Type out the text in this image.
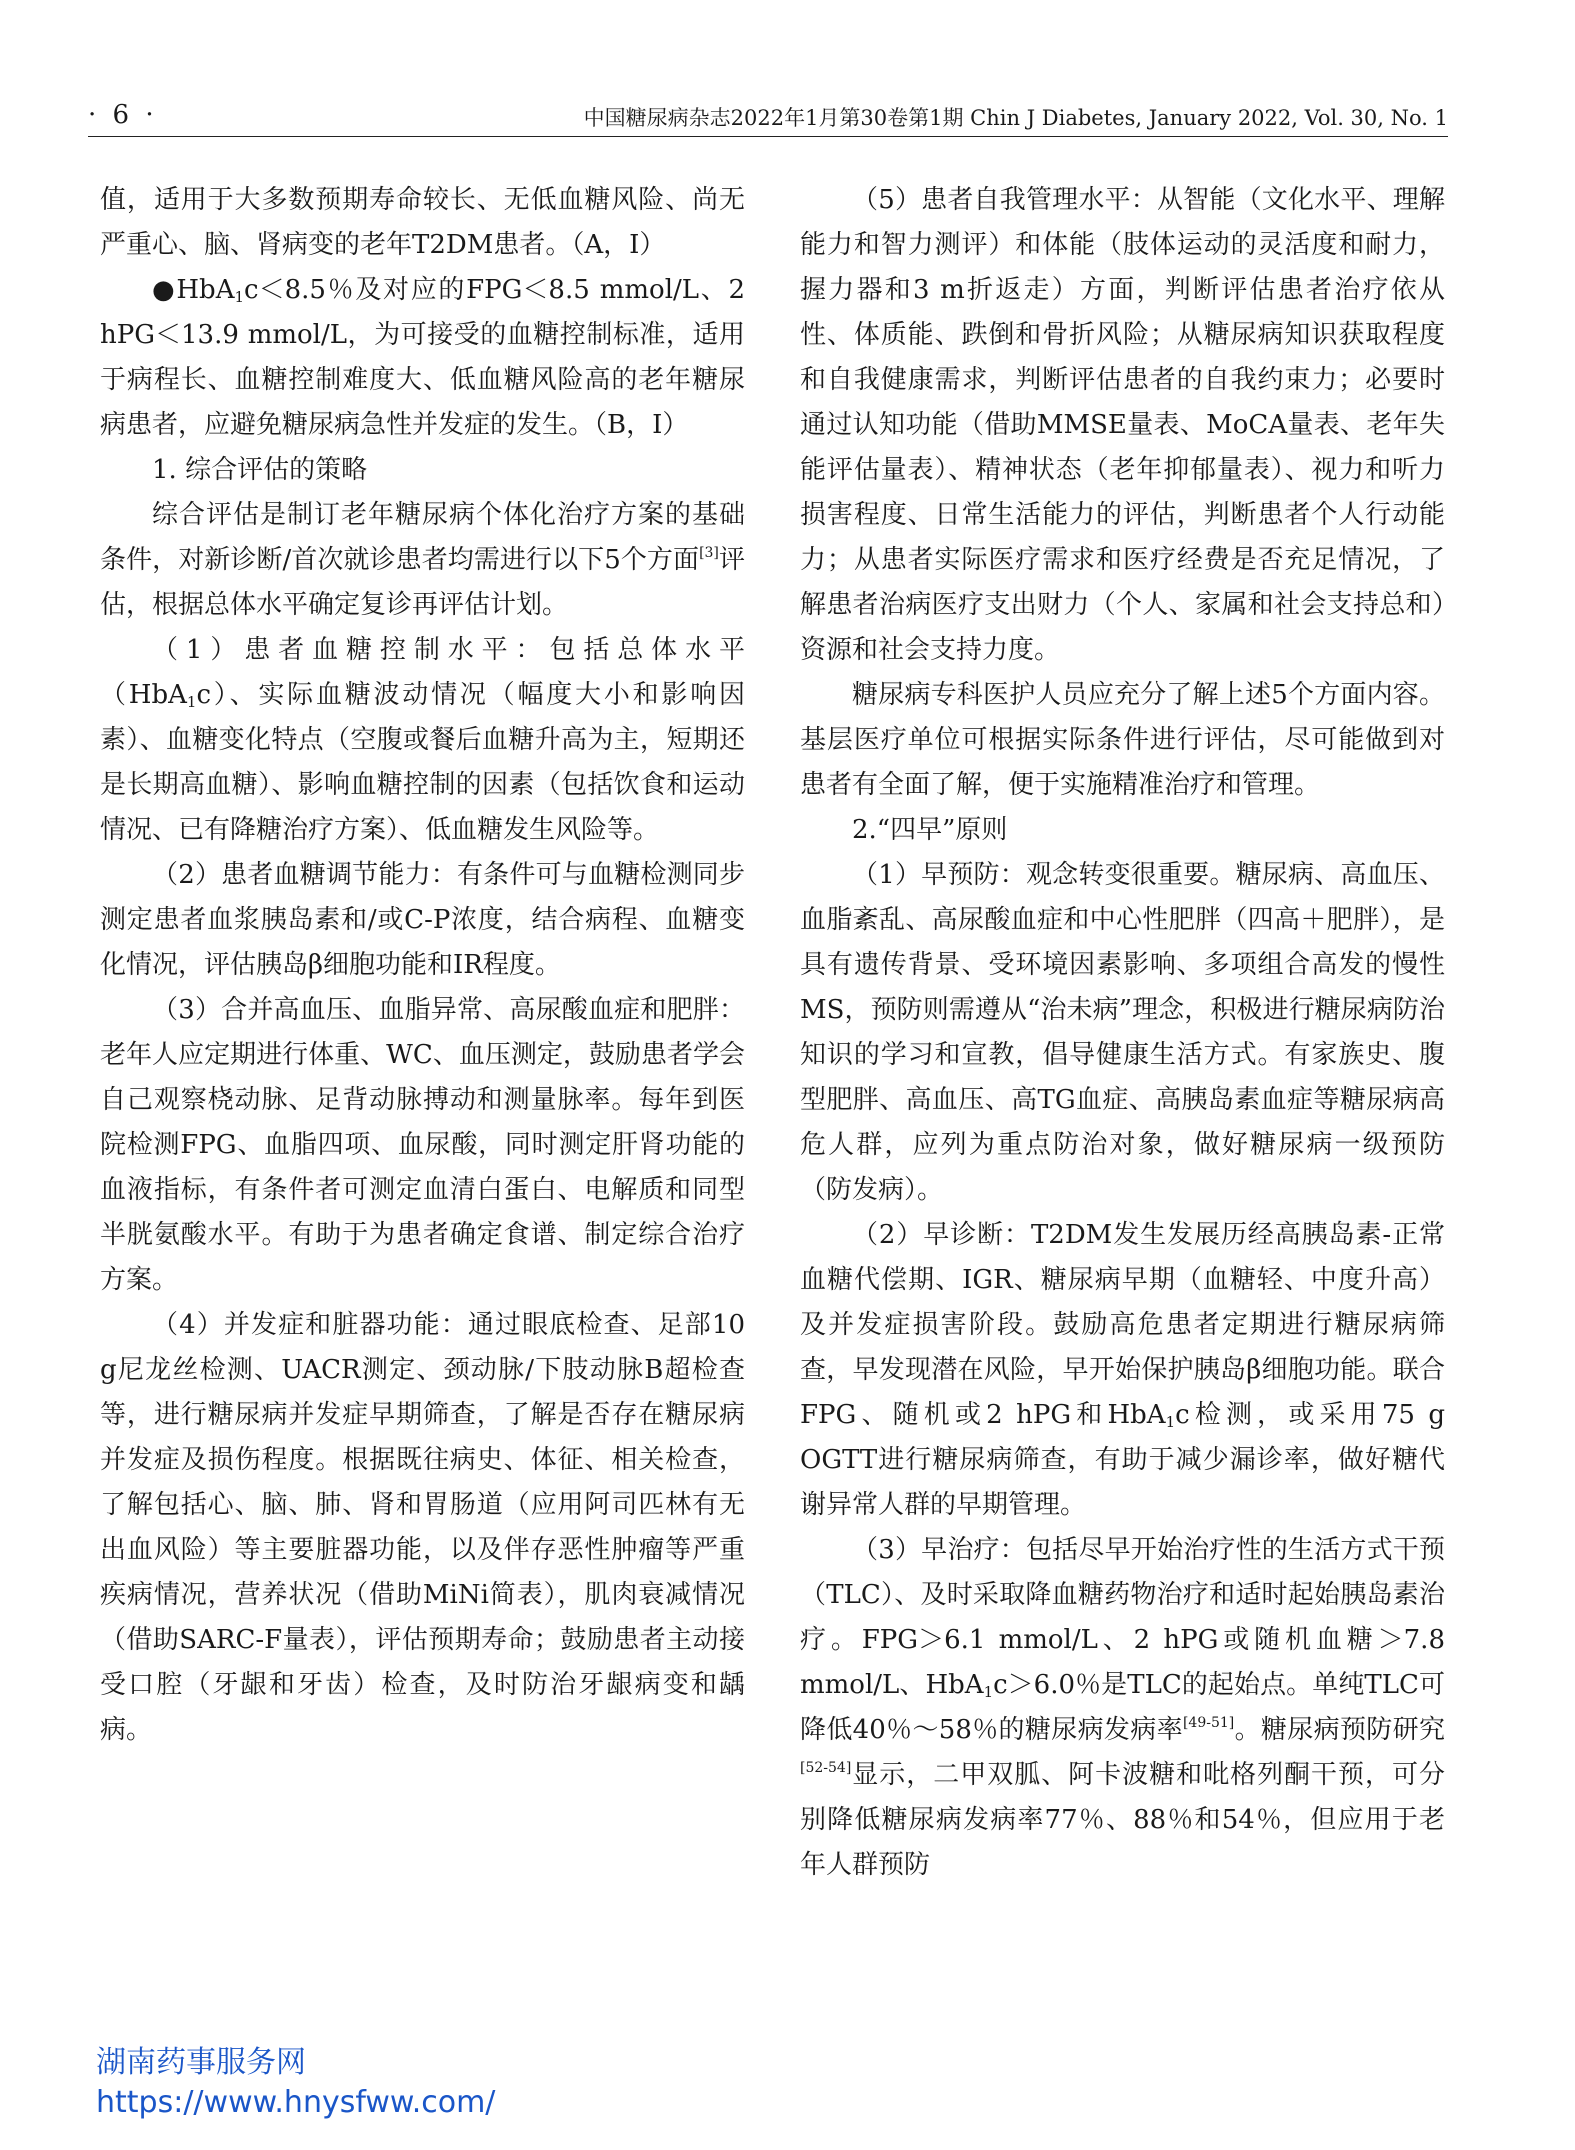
· 6 ·	中国糖尿病杂志2022年1月第30卷第1期 Chin J Diabetes, January 2022, Vol. 30, No. 1

值，适用于大多数预期寿命较长、无低血糖风险、尚无严重心、脑、肾病变的老年T2DM患者。（A，Ⅰ）

●HbA$_1$c＜8.5％及对应的FPG＜8.5 mmol/L、2 hPG＜13.9 mmol/L，为可接受的血糖控制标准，适用于病程长、血糖控制难度大、低血糖风险高的老年糖尿病患者，应避免糖尿病急性并发症的发生。（B，Ⅰ）

1. 综合评估的策略

综合评估是制订老年糖尿病个体化治疗方案的基础条件，对新诊断/首次就诊患者均需进行以下5个方面[3]评估，根据总体水平确定复诊再评估计划。

（1）患者血糖控制水平：包括总体水平（HbA$_1$c）、实际血糖波动情况（幅度大小和影响因素）、血糖变化特点（空腹或餐后血糖升高为主，短期还是长期高血糖）、影响血糖控制的因素（包括饮食和运动情况、已有降糖治疗方案）、低血糖发生风险等。

（2）患者血糖调节能力：有条件可与血糖检测同步测定患者血浆胰岛素和/或C-P浓度，结合病程、血糖变化情况，评估胰岛β细胞功能和IR程度。

（3）合并高血压、血脂异常、高尿酸血症和肥胖：老年人应定期进行体重、WC、血压测定，鼓励患者学会自己观察桡动脉、足背动脉搏动和测量脉率。每年到医院检测FPG、血脂四项、血尿酸，同时测定肝肾功能的血液指标，有条件者可测定血清白蛋白、电解质和同型半胱氨酸水平。有助于为患者确定食谱、制定综合治疗方案。

（4）并发症和脏器功能：通过眼底检查、足部10 g尼龙丝检测、UACR测定、颈动脉/下肢动脉B超检查等，进行糖尿病并发症早期筛查，了解是否存在糖尿病并发症及损伤程度。根据既往病史、体征、相关检查，了解包括心、脑、肺、肾和胃肠道（应用阿司匹林有无出血风险）等主要脏器功能，以及伴存恶性肿瘤等严重疾病情况，营养状况（借助MiNi简表），肌肉衰减情况（借助SARC-F量表），评估预期寿命；鼓励患者主动接受口腔（牙龈和牙齿）检查，及时防治牙龈病变和龋病。

（5）患者自我管理水平：从智能（文化水平、理解能力和智力测评）和体能（肢体运动的灵活度和耐力，握力器和3 m折返走）方面，判断评估患者治疗依从性、体质能、跌倒和骨折风险；从糖尿病知识获取程度和自我健康需求，判断评估患者的自我约束力；必要时通过认知功能（借助MMSE量表、MoCA量表、老年失能评估量表）、精神状态（老年抑郁量表）、视力和听力损害程度、日常生活能力的评估，判断患者个人行动能力；从患者实际医疗需求和医疗经费是否充足情况，了解患者治病医疗支出财力（个人、家属和社会支持总和）资源和社会支持力度。

糖尿病专科医护人员应充分了解上述5个方面内容。基层医疗单位可根据实际条件进行评估，尽可能做到对患者有全面了解，便于实施精准治疗和管理。

2.“四早”原则

（1）早预防：观念转变很重要。糖尿病、高血压、血脂紊乱、高尿酸血症和中心性肥胖（四高＋肥胖），是具有遗传背景、受环境因素影响、多项组合高发的慢性MS，预防则需遵从“治未病”理念，积极进行糖尿病防治知识的学习和宣教，倡导健康生活方式。有家族史、腹型肥胖、高血压、高TG血症、高胰岛素血症等糖尿病高危人群，应列为重点防治对象，做好糖尿病一级预防（防发病）。

（2）早诊断：T2DM发生发展历经高胰岛素-正常血糖代偿期、IGR、糖尿病早期（血糖轻、中度升高）及并发症损害阶段。鼓励高危患者定期进行糖尿病筛查，早发现潜在风险，早开始保护胰岛β细胞功能。联合FPG、随机或2 hPG和HbA$_1$c检测，或采用75 g OGTT进行糖尿病筛查，有助于减少漏诊率，做好糖代谢异常人群的早期管理。

（3）早治疗：包括尽早开始治疗性的生活方式干预（TLC）、及时采取降血糖药物治疗和适时起始胰岛素治疗。FPG＞6.1 mmol/L、2 hPG或随机血糖＞7.8 mmol/L、HbA$_1$c＞6.0％是TLC的起始点。单纯TLC可降低40％～58％的糖尿病发病率[49-51]。糖尿病预防研究[52-54]显示，二甲双胍、阿卡波糖和吡格列酮干预，可分别降低糖尿病发病率77％、88％和54％，但应用于老年人群预防

湖南药事服务网
https://www.hnysfww.com/
